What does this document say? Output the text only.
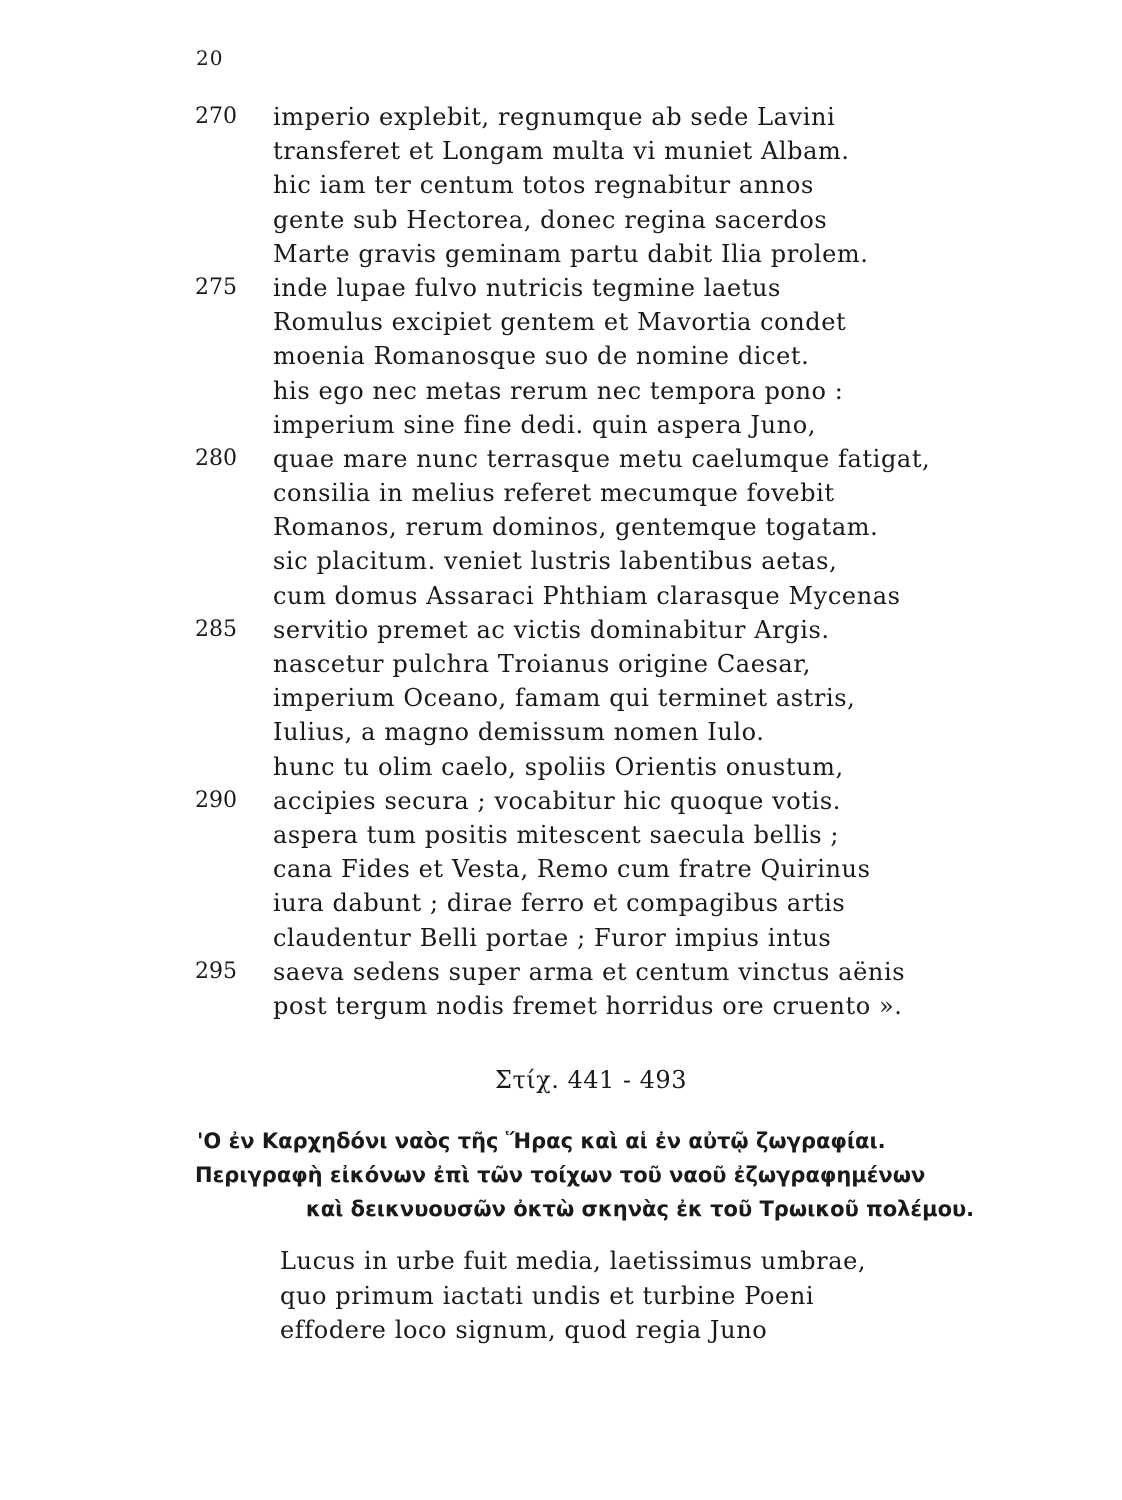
20
270	imperio explebit, regnumque ab sede Lavini
transferet et Longam multa vi muniet Albam.
hic iam ter centum totos regnabitur annos
gente sub Hectorea, donec regina sacerdos
Marte gravis geminam partu dabit Ilia prolem.
275	inde lupae fulvo nutricis tegmine laetus
Romulus excipiet gentem et Mavortia condet
moenia Romanosque suo de nomine dicet.
his ego nec metas rerum nec tempora pono :
imperium sine fine dedi. quin aspera Juno,
280	quae mare nunc terrasque metu caelumque fatigat,
consilia in melius referet mecumque fovebit
Romanos, rerum dominos, gentemque togatam.
sic placitum. veniet lustris labentibus aetas,
cum domus Assaraci Phthiam clarasque Mycenas
285	servitio premet ac victis dominabitur Argis.
nascetur pulchra Troianus origine Caesar,
imperium Oceano, famam qui terminet astris,
Iulius, a magno demissum nomen Iulo.
hunc tu olim caelo, spoliis Orientis onustum,
290	accipies secura ; vocabitur hic quoque votis.
aspera tum positis mitescent saecula bellis ;
cana Fides et Vesta, Remo cum fratre Quirinus
iura dabunt ; dirae ferro et compagibus artis
claudentur Belli portae ; Furor impius intus
295	saeva sedens super arma et centum vinctus aënis
post tergum nodis fremet horridus ore cruento ».
Στίχ. 441 - 493
'Ο ἐν Καρχηδόνι ναὸς τῆς Ἥρας καὶ αἱ ἐν αὐτῷ ζωγραφίαι.
Περιγραφὴ εἰκόνων ἐπὶ τῶν τοίχων τοῦ ναοῦ ἐζωγραφημένων
καὶ δεικνυουσῶν ὀκτὼ σκηνὰς ἐκ τοῦ Τρωικοῦ πολέμου.
Lucus in urbe fuit media, laetissimus umbrae,
quo primum iactati undis et turbine Poeni
effodere loco signum, quod regia Juno
